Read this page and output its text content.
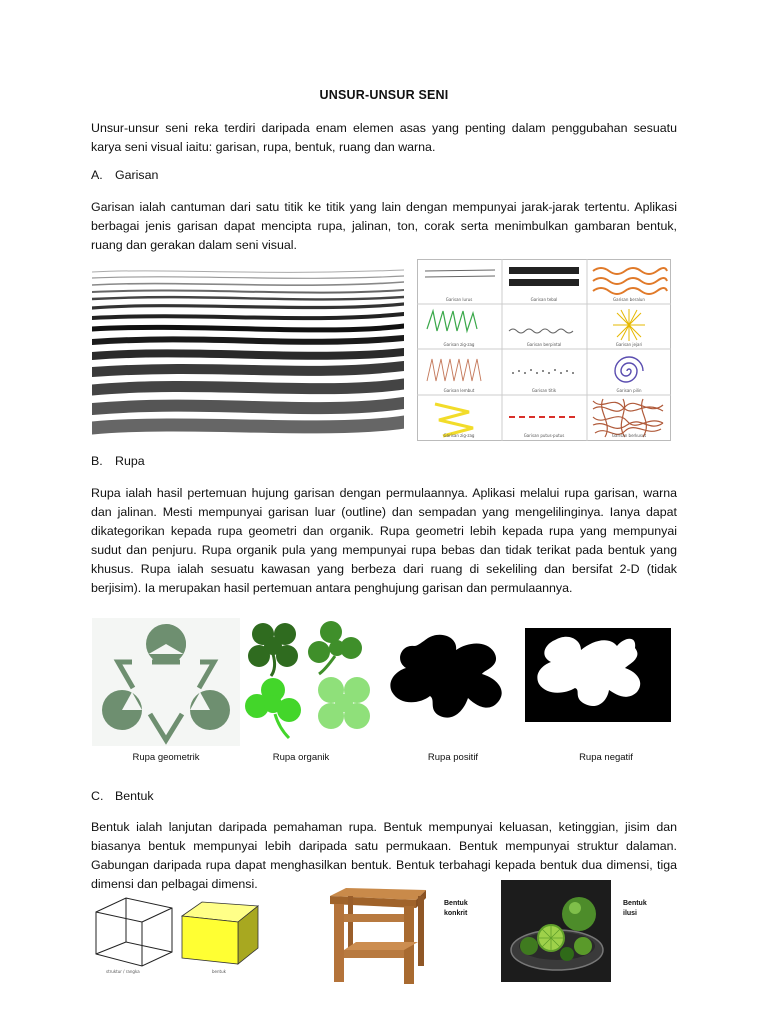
UNSUR-UNSUR SENI

Unsur-unsur seni reka terdiri daripada enam elemen asas yang penting dalam penggubahan sesuatu karya seni visual iaitu: garisan, rupa, bentuk, ruang dan warna.

A. Garisan

Garisan ialah cantuman dari satu titik ke titik yang lain dengan mempunyai jarak-jarak tertentu. Aplikasi berbagai jenis garisan dapat mencipta rupa, jalinan, ton, corak serta menimbulkan gambaran bentuk, ruang dan gerakan dalam seni visual.

Garisan lurus	Garisan tebal	Garisan beralun
Garisan zig-zag	Garisan berpintal	Garisan jejari
Garisan lembut	Garisan titik	Garisan pilin
Garisan zig-zag	Garisan putus-putus	Garisan berkusut
B. Rupa

Rupa ialah hasil pertemuan hujung garisan dengan permulaannya. Aplikasi melalui rupa garisan, warna dan jalinan. Mesti mempunyai garisan luar (outline) dan sempadan yang mengelilinginya. Ianya dapat dikategorikan kepada rupa geometri dan organik. Rupa geometri lebih kepada rupa yang mempunyai sudut dan penjuru. Rupa organik pula yang mempunyai rupa bebas dan tidak terikat pada bentuk yang khusus. Rupa ialah sesuatu kawasan yang berbeza dari ruang di sekeliling dan bersifat 2-D (tidak berjisim). Ia merupakan hasil pertemuan antara penghujung garisan dan permulaannya.

Rupa geometrik	Rupa organik	Rupa positif	Rupa negatif
C. Bentuk

Bentuk ialah lanjutan daripada pemahaman rupa. Bentuk mempunyai keluasan, ketinggian, jisim dan biasanya bentuk mempunyai lebih daripada satu permukaan. Bentuk mempunyai struktur dalaman. Gabungan daripada rupa dapat menghasilkan bentuk. Bentuk terbahagi kepada bentuk dua dimensi, tiga dimensi dan pelbagai dimensi.

struktur / rangka	bentuk
Bentuk
konkrit
Bentuk
ilusi
